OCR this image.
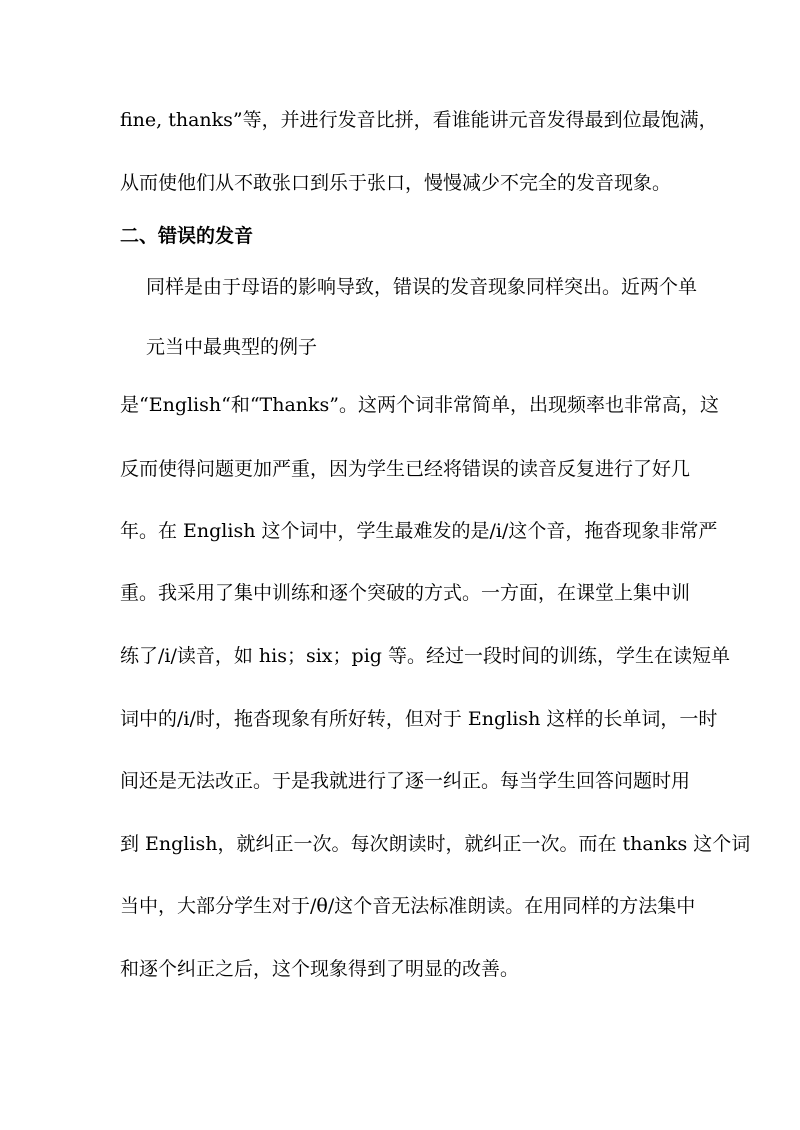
fine, thanks”等，并进行发音比拼，看谁能讲元音发得最到位最饱满，
从而使他们从不敢张口到乐于张口，慢慢减少不完全的发音现象。
二、错误的发音
同样是由于母语的影响导致，错误的发音现象同样突出。近两个单
元当中最典型的例子
是“English“和“Thanks”。这两个词非常简单，出现频率也非常高，这
反而使得问题更加严重，因为学生已经将错误的读音反复进行了好几
年。在 English 这个词中，学生最难发的是/i/这个音，拖沓现象非常严
重。我采用了集中训练和逐个突破的方式。一方面，在课堂上集中训
练了/i/读音，如 his；six；pig 等。经过一段时间的训练，学生在读短单
词中的/i/时，拖沓现象有所好转，但对于 English 这样的长单词，一时
间还是无法改正。于是我就进行了逐一纠正。每当学生回答问题时用
到 English，就纠正一次。每次朗读时，就纠正一次。而在 thanks 这个词
当中，大部分学生对于/θ/这个音无法标准朗读。在用同样的方法集中
和逐个纠正之后，这个现象得到了明显的改善。
